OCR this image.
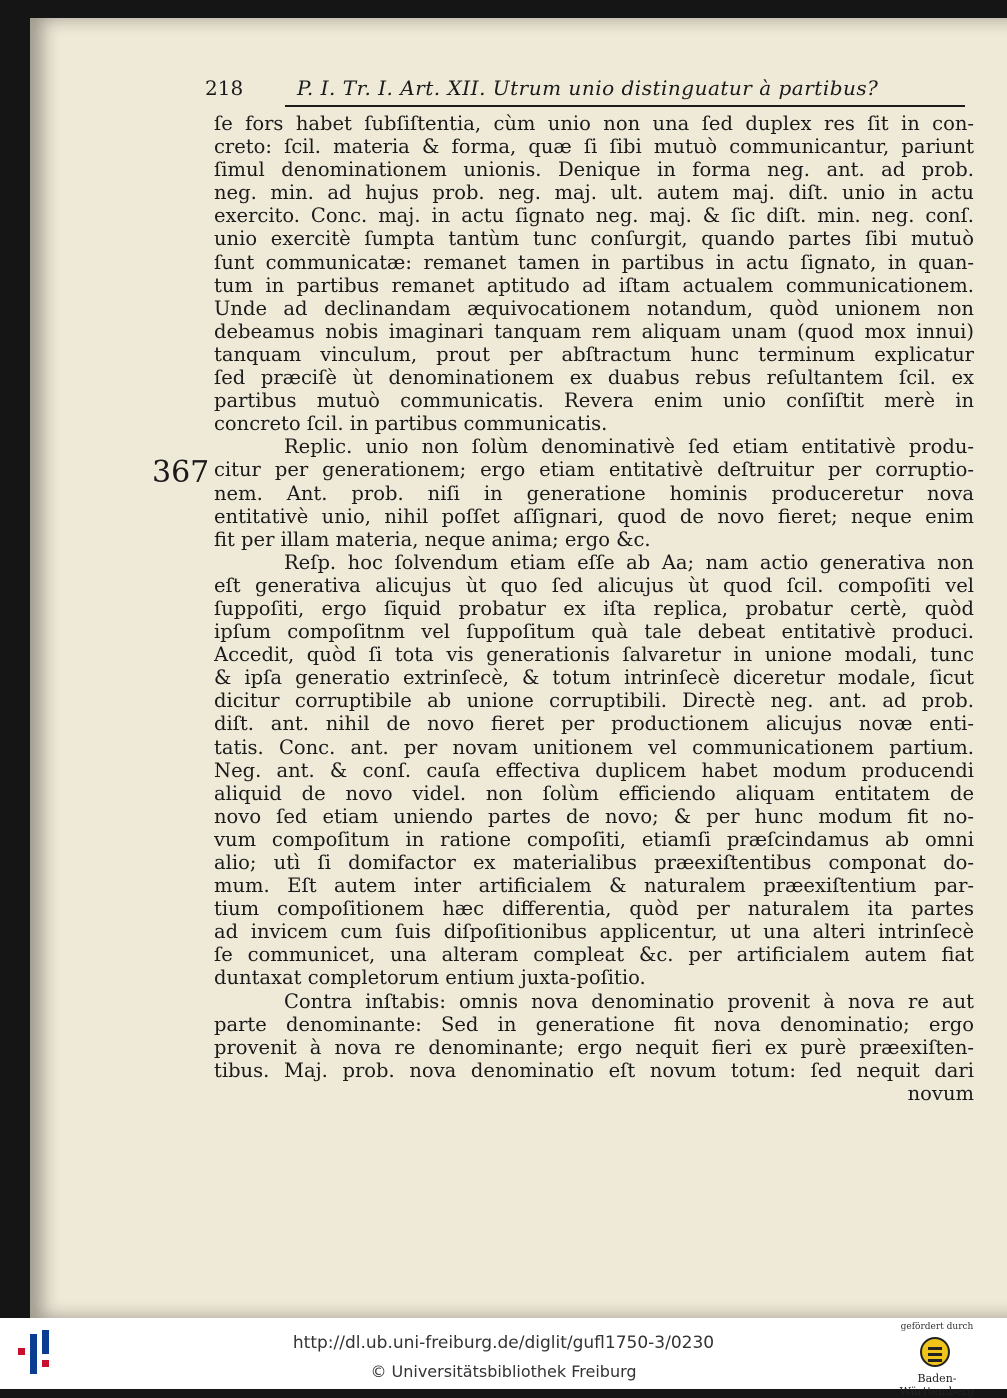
218	P. I. Tr. I. Art. XII. Utrum unio distinguatur à partibus?
367
ſe fors habet ſubſiſtentia, cùm unio non una ſed duplex res ſit in con-
creto: ſcil. materia & forma, quæ ſi ſibi mutuò communicantur, pariunt
ſimul denominationem unionis. Denique in forma neg. ant. ad prob.
neg. min. ad hujus prob. neg. maj. ult. autem maj. diſt. unio in actu
exercito. Conc. maj. in actu ſignato neg. maj. & ſic diſt. min. neg. conſ.
unio exercitè ſumpta tantùm tunc conſurgit, quando partes ſibi mutuò
ſunt communicatæ: remanet tamen in partibus in actu ſignato, in quan-
tum in partibus remanet aptitudo ad iſtam actualem communicationem.
Unde ad declinandam æquivocationem notandum, quòd unionem non
debeamus nobis imaginari tanquam rem aliquam unam (quod mox innui)
tanquam vinculum, prout per abſtractum hunc terminum explicatur
ſed præciſè ùt denominationem ex duabus rebus reſultantem ſcil. ex
partibus mutuò communicatis. Revera enim unio conſiſtit merè in
concreto ſcil. in partibus communicatis.
Replic. unio non ſolùm denominativè ſed etiam entitativè produ-
citur per generationem; ergo etiam entitativè deſtruitur per corruptio-
nem. Ant. prob. niſi in generatione hominis produceretur nova
entitativè unio, nihil poſſet aſſignari, quod de novo fieret; neque enim
fit per illam materia, neque anima; ergo &c.
Reſp. hoc ſolvendum etiam eſſe ab Aa; nam actio generativa non
eſt generativa alicujus ùt quo ſed alicujus ùt quod ſcil. compoſiti vel
ſuppoſiti, ergo ſiquid probatur ex iſta replica, probatur certè, quòd
ipſum compoſitnm vel ſuppoſitum quà tale debeat entitativè produci.
Accedit, quòd ſi tota vis generationis ſalvaretur in unione modali, tunc
& ipſa generatio extrinſecè, & totum intrinſecè diceretur modale, ſicut
dicitur corruptibile ab unione corruptibili. Directè neg. ant. ad prob.
diſt. ant. nihil de novo fieret per productionem alicujus novæ enti-
tatis. Conc. ant. per novam unitionem vel communicationem partium.
Neg. ant. & conſ. cauſa effectiva duplicem habet modum producendi
aliquid de novo videl. non ſolùm efficiendo aliquam entitatem de
novo ſed etiam uniendo partes de novo; & per hunc modum fit no-
vum compoſitum in ratione compoſiti, etiamſi præſcindamus ab omni
alio; utì ſi domifactor ex materialibus præexiſtentibus componat do-
mum. Eſt autem inter artificialem & naturalem præexiſtentium par-
tium compoſitionem hæc differentia, quòd per naturalem ita partes
ad invicem cum ſuis diſpoſitionibus applicentur, ut una alteri intrinſecè
ſe communicet, una alteram compleat &c. per artificialem autem fiat
duntaxat completorum entium juxta-poſitio.
Contra inſtabis: omnis nova denominatio provenit à nova re aut
parte denominante: Sed in generatione fit nova denominatio; ergo
provenit à nova re denominante; ergo nequit fieri ex purè præexiſten-
tibus. Maj. prob. nova denominatio eſt novum totum: ſed nequit dari
novum
http://dl.ub.uni-freiburg.de/diglit/gufl1750-3/0230
© Universitätsbibliothek Freiburg
gefördert durch
Baden-Württemberg
